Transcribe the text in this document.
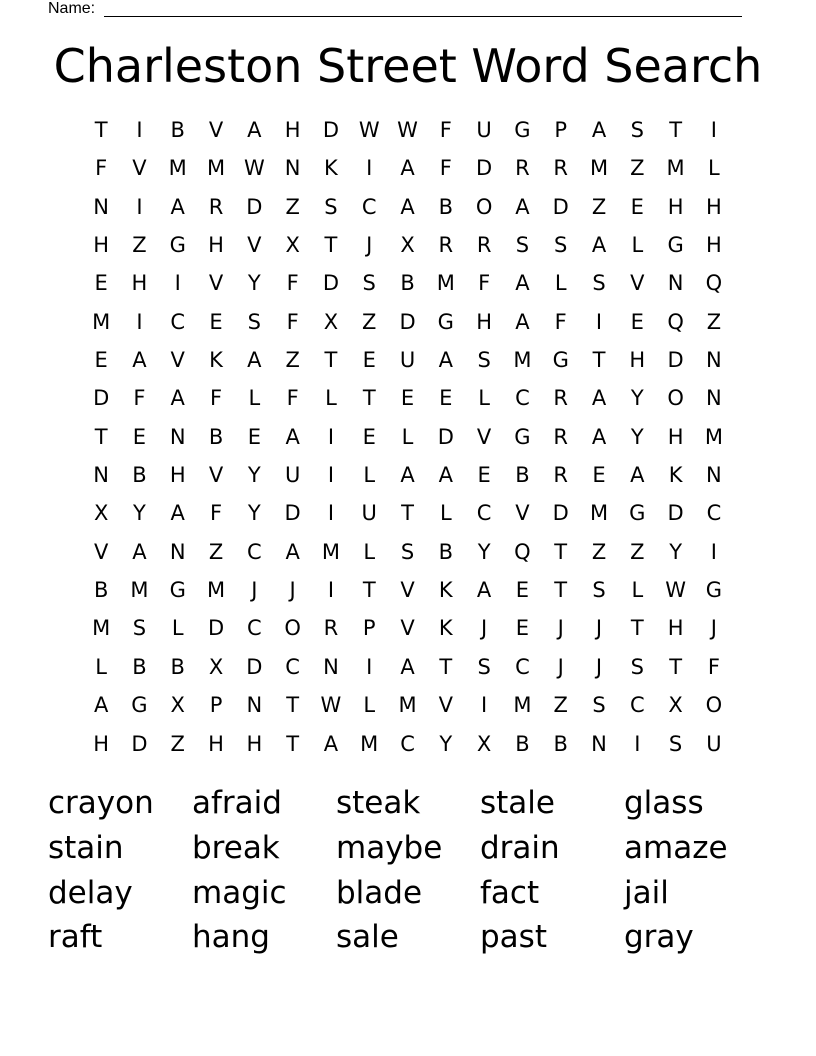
Name:
Charleston Street Word Search
T	I	B	V	A	H	D W W	F	U	G	P	A	S	T	I
F	V	M M W N	K	I	A	F	D	R	R	M	Z	M	L
N	I	A	R	D	Z	S	C	A	B	O	A	D	Z	E	H	H
H	Z	G	H	V	X	T	J	X	R	R	S	S	A	L	G	H
E	H	I	V	Y	F	D	S	B	M	F	A	L	S	V	N	Q
M	I	C	E	S	F	X	Z	D	G	H	A	F	I	E	Q	Z
E	A	V	K	A	Z	T	E	U	A	S	M	G	T	H	D	N
D	F	A	F	L	F	L	T	E	E	L	C	R	A	Y	O	N
T	E	N	B	E	A	I	E	L	D	V	G	R	A	Y	H	M
N	B	H	V	Y	U	I	L	A	A	E	B	R	E	A	K	N
X	Y	A	F	Y	D	I	U	T	L	C	V	D	M	G	D	C
V	A	N	Z	C	A	M	L	S	B	Y	Q	T	Z	Z	Y	I
B	M	G	M	J	J	I	T	V	K	A	E	T	S	L	W G
M	S	L	D	C	O	R	P	V	K	J	E	J	J	T	H	J
L	B	B	X	D	C	N	I	A	T	S	C	J	J	S	T	F
A	G	X	P	N	T	W	L	M	V	I	M	Z	S	C	X	O
H	D	Z	H	H	T	A	M	C	Y	X	B	B	N	I	S	U
crayon	afraid	steak	stale	glass
stain	break	maybe	drain	amaze
delay	magic	blade	fact	jail
raft	hang	sale	past	gray
